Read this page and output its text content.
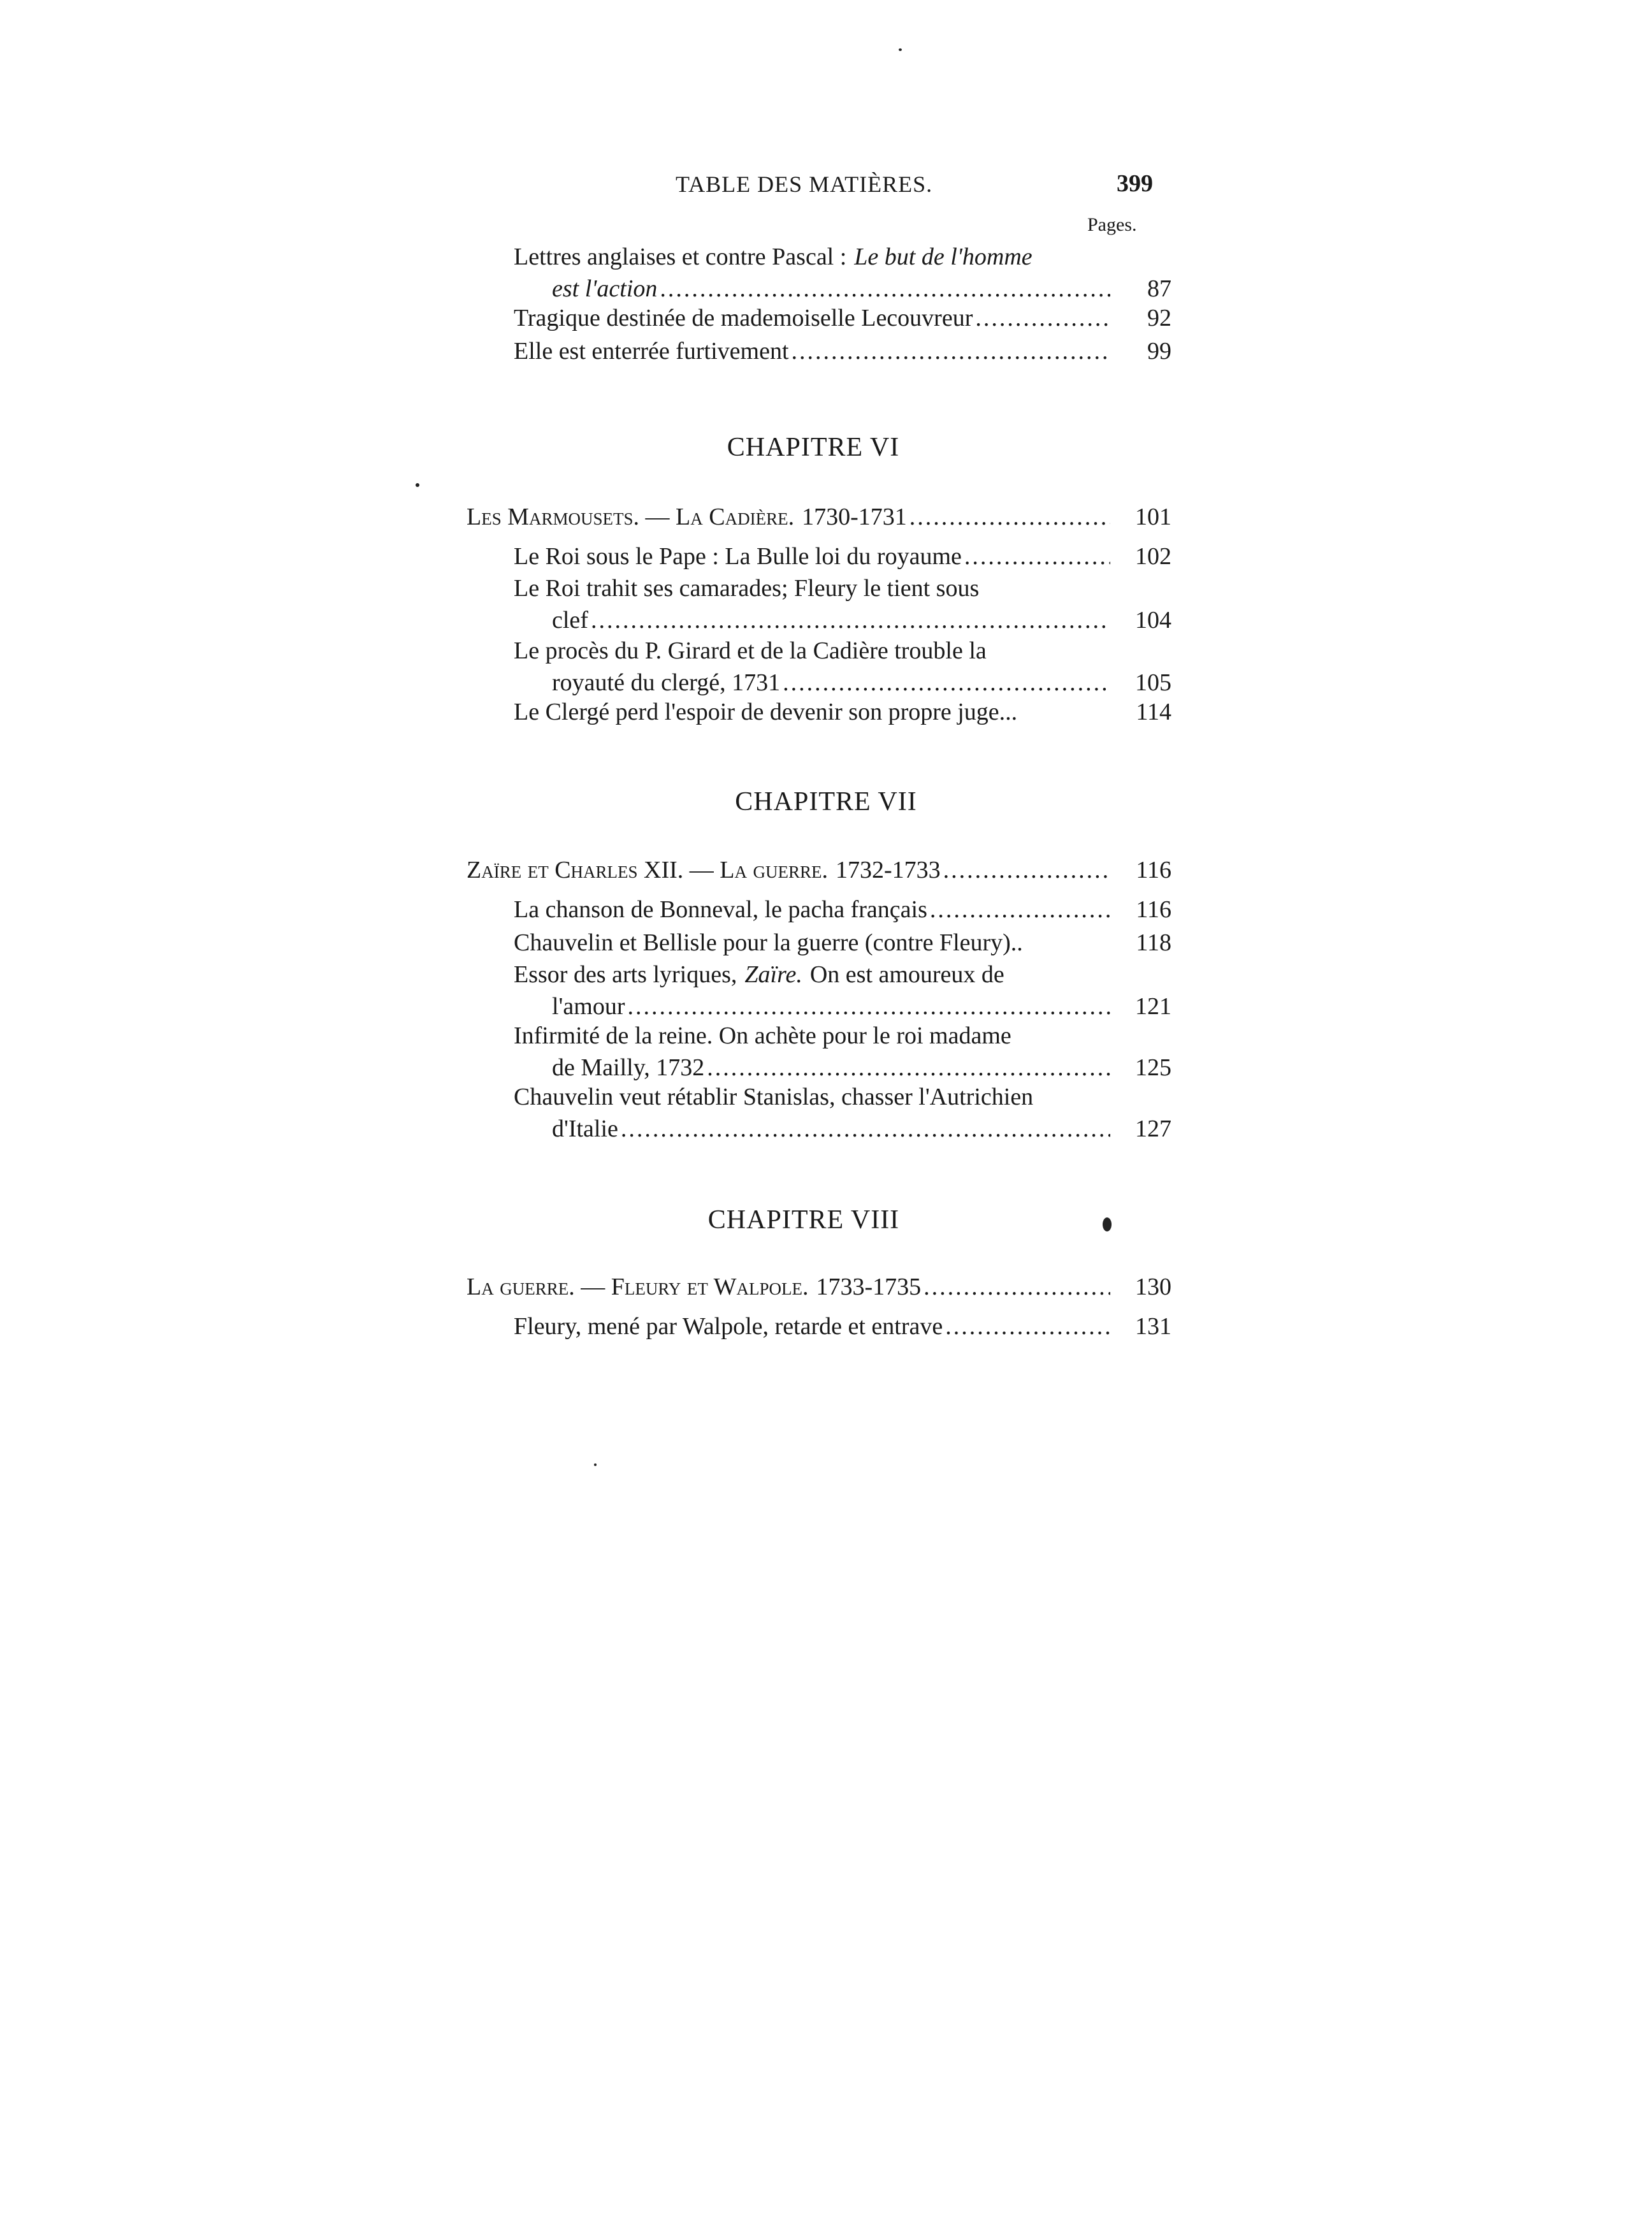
TABLE DES MATIÈRES.	399
Pages.
Lettres anglaises et contre Pascal : Le but de l'homme
est l'action .....	87
Tragique destinée de mademoiselle Lecouvreur .....	92
Elle est enterrée furtivement .....	99
CHAPITRE VI
Les Marmousets. — La Cadière. 1730-1731 .....	101
Le Roi sous le Pape : La Bulle loi du royaume .....	102
Le Roi trahit ses camarades; Fleury le tient sous
clef .....	104
Le procès du P. Girard et de la Cadière trouble la
royauté du clergé, 1731 .....	105
Le Clergé perd l'espoir de devenir son propre juge...	114
CHAPITRE VII
Zaïre et Charles XII. — La guerre. 1732-1733 .....	116
La chanson de Bonneval, le pacha français .....	116
Chauvelin et Bellisle pour la guerre (contre Fleury)..	118
Essor des arts lyriques, Zaïre. On est amoureux de
l'amour .....	121
Infirmité de la reine. On achète pour le roi madame
de Mailly, 1732 .....	125
Chauvelin veut rétablir Stanislas, chasser l'Autrichien
d'Italie .....	127
CHAPITRE VIII
La guerre. — Fleury et Walpole. 1733-1735 .....	130
Fleury, mené par Walpole, retarde et entrave .....	131
